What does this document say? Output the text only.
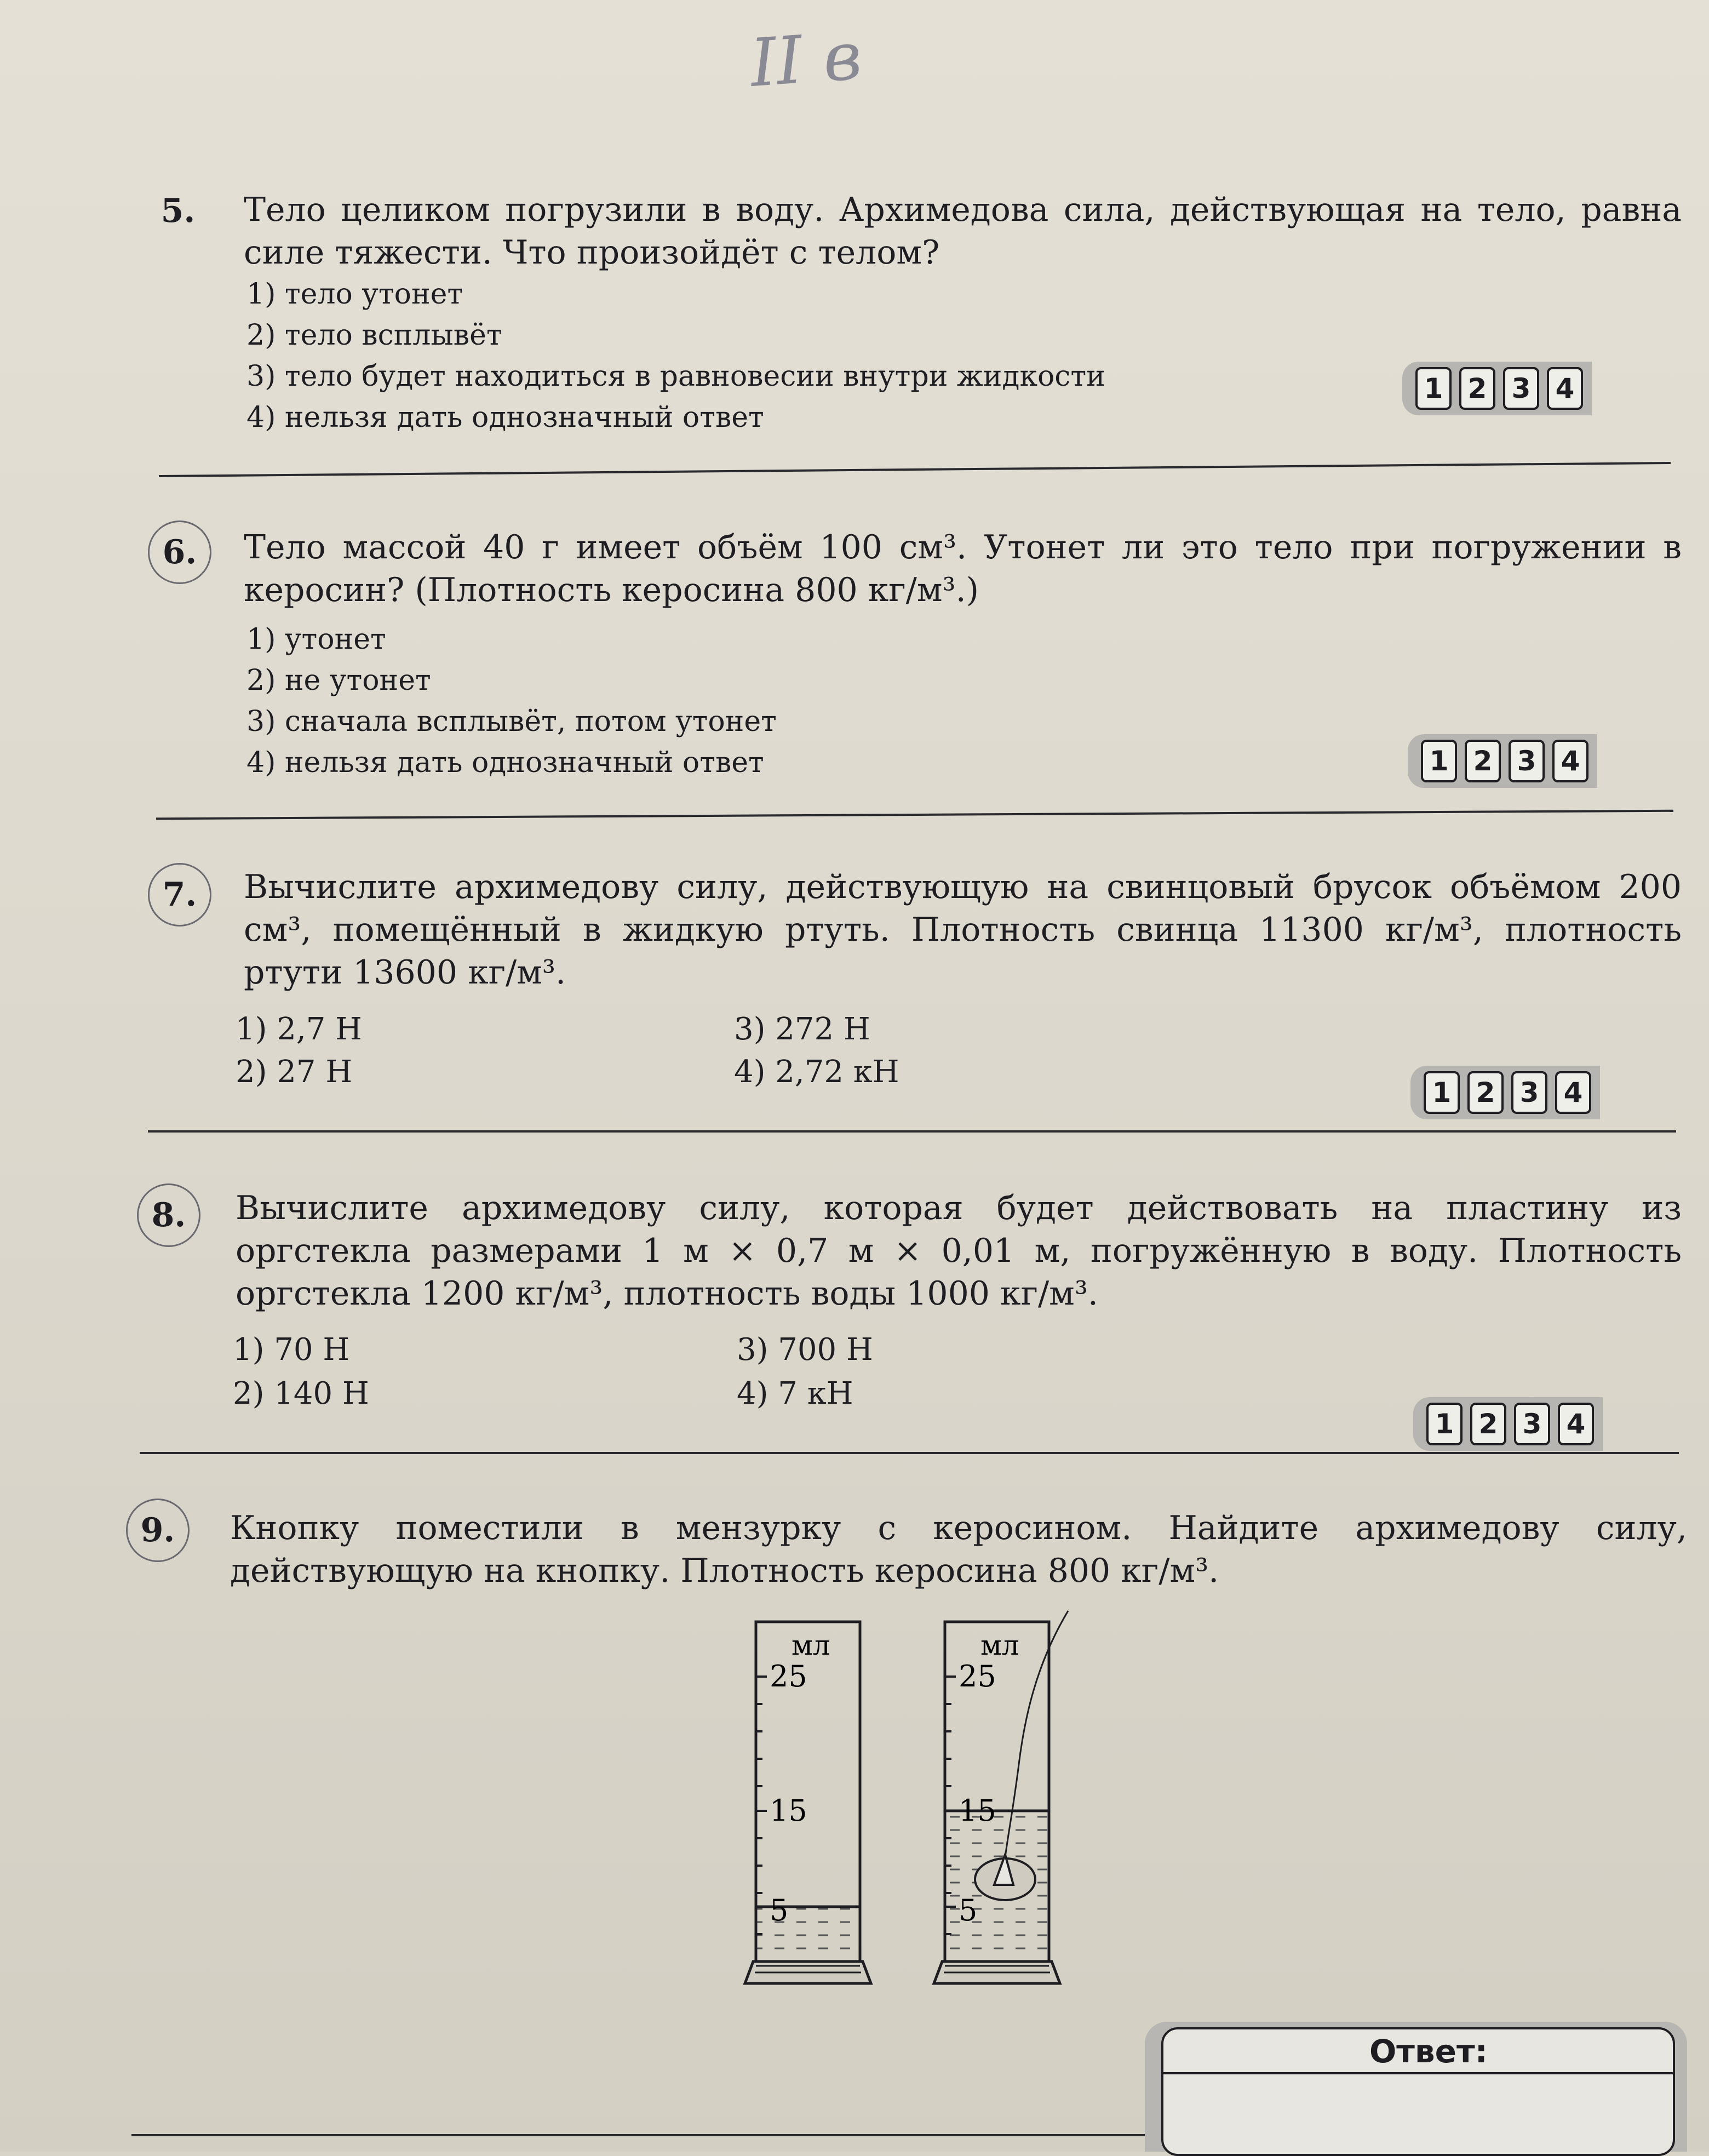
II в
5.	Тело целиком погрузили в воду. Архимедова сила, действующая на тело, равна силе тяжести. Что произойдёт с телом?
1) тело утонет
2) тело всплывёт
3) тело будет находиться в равновесии внутри жидкости
4) нельзя дать однозначный ответ
1 2 3 4
6.	Тело массой 40 г имеет объём 100 см³. Утонет ли это тело при погружении в керосин? (Плотность керосина 800 кг/м³.)
1) утонет
2) не утонет
3) сначала всплывёт, потом утонет
4) нельзя дать однозначный ответ	1 2 3 4
7.	Вычислите архимедову силу, действующую на свинцовый брусок объёмом 200 см³, помещённый в жидкую ртуть. Плотность свинца 11300 кг/м³, плотность ртути 13600 кг/м³.
1) 2,7 Н
2) 27 Н
3) 272 Н
4) 2,72 кН
1 2 3 4
8.	Вычислите архимедову силу, которая будет действовать на пластину из оргстекла размерами 1 м × 0,7 м × 0,01 м, погружённую в воду. Плотность оргстекла 1200 кг/м³, плотность воды 1000 кг/м³.
1) 70 Н
2) 140 Н
3) 700 Н
4) 7 кН
1 2 3 4
9.	Кнопку поместили в мензурку с керосином. Найдите архимедову силу, действующую на кнопку. Плотность керосина 800 кг/м³.
мл
25
15
5
мл
25
15
5
Ответ:
